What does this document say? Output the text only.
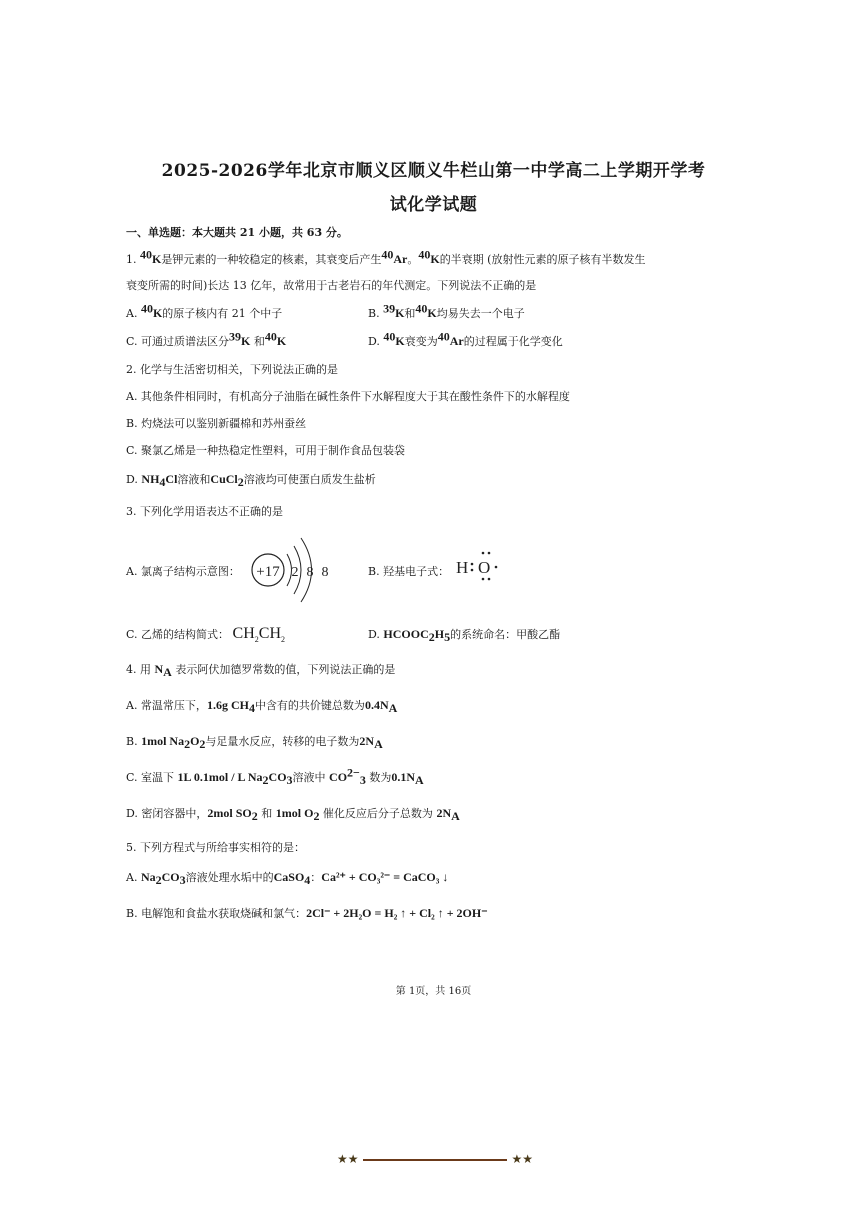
2025-2026学年北京市顺义区顺义牛栏山第一中学高二上学期开学考
试化学试题
一、单选题：本大题共 21 小题，共 63 分。
1. $^{40}$K是钾元素的一种较稳定的核素，其衰变后产生$^{40}$Ar。$^{40}$K的半衰期 (放射性元素的原子核有半数发生
衰变所需的时间)长达 13 亿年，故常用于古老岩石的年代测定。下列说法不正确的是
A. $^{40}$K的原子核内有 21 个中子	B. $^{39}$K和$^{40}$K均易失去一个电子
C. 可通过质谱法区分$^{39}$K 和$^{40}$K	D. $^{40}$K衰变为$^{40}$Ar的过程属于化学变化
2. 化学与生活密切相关，下列说法正确的是
A. 其他条件相同时，有机高分子油脂在碱性条件下水解程度大于其在酸性条件下的水解程度
B. 灼烧法可以鉴别新疆棉和苏州蚕丝
C. 聚氯乙烯是一种热稳定性塑料，可用于制作食品包装袋
D. $NH_4Cl$溶液和CuCl$_2$溶液均可使蛋白质发生盐析
3. 下列化学用语表达不正确的是
A. 氯离子结构示意图： +17 2 8 8	B. 羟基电子式： H O
C. 乙烯的结构简式： $CH_2CH_2$	D. $HCOOC_2H_5$的系统命名：甲酸乙酯
4. 用 $N_A$ 表示阿伏加德罗常数的值，下列说法正确的是
A. 常温常压下，1.6g $CH_4$中含有的共价键总数为$0.4N_A$
B. 1mol $Na_2O_2$与足量水反应，转移的电子数为$2N_A$
C. 室温下 1L 0.1mol / L $Na_2CO_3$溶液中 $CO^{2-}_3$ 数为$0.1N_A$
D. 密闭容器中，2mol $SO_2$ 和 1mol $O_2$ 催化反应后分子总数为 $2N_A$
5. 下列方程式与所给事实相符的是：
A. $Na_2CO_3$溶液处理水垢中的CaSO$_4$：Ca²⁺ + CO₃²⁻ = CaCO₃ ↓
B. 电解饱和食盐水获取烧碱和氯气：2Cl⁻ + 2H₂O = H₂ ↑ + Cl₂ ↑ + 2OH⁻
第 1页，共 16页
★★	★★
